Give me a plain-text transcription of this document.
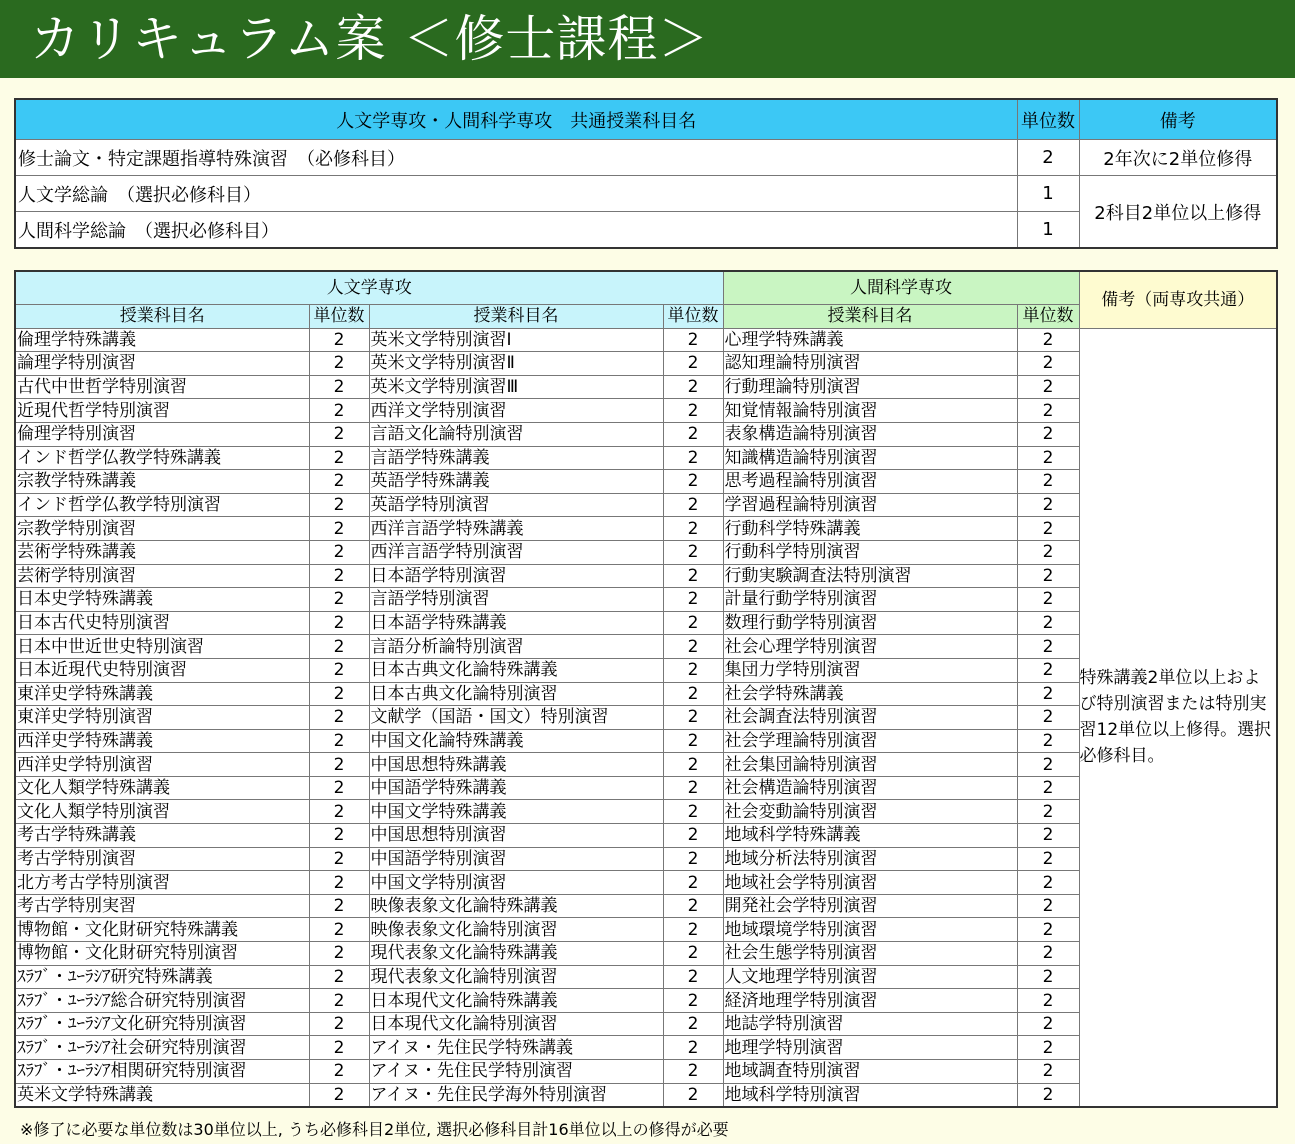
カリキュラム案 ＜修士課程＞
人文学専攻・人間科学専攻　共通授業科目名	単位数	備考
修士論文・特定課題指導特殊演習　（必修科目）	2	2年次に2単位修得
人文学総論　（選択必修科目）	1	2科目2単位以上修得
人間科学総論　（選択必修科目）	1	
人文学専攻				人間科学専攻		備考（両専攻共通）
授業科目名	単位数	授業科目名	単位数	授業科目名	単位数	
倫理学特殊講義	2	英米文学特別演習Ⅰ	2	心理学特殊講義	2	特殊講義2単位以上および特別演習または特別実習12単位以上修得。選択必修科目。
論理学特別演習	2	英米文学特別演習Ⅱ	2	認知理論特別演習	2	
古代中世哲学特別演習	2	英米文学特別演習Ⅲ	2	行動理論特別演習	2	
近現代哲学特別演習	2	西洋文学特別演習	2	知覚情報論特別演習	2	
倫理学特別演習	2	言語文化論特別演習	2	表象構造論特別演習	2	
インド哲学仏教学特殊講義	2	言語学特殊講義	2	知識構造論特別演習	2	
宗教学特殊講義	2	英語学特殊講義	2	思考過程論特別演習	2	
インド哲学仏教学特別演習	2	英語学特別演習	2	学習過程論特別演習	2	
宗教学特別演習	2	西洋言語学特殊講義	2	行動科学特殊講義	2	
芸術学特殊講義	2	西洋言語学特別演習	2	行動科学特別演習	2	
芸術学特別演習	2	日本語学特別演習	2	行動実験調査法特別演習	2	
日本史学特殊講義	2	言語学特別演習	2	計量行動学特別演習	2	
日本古代史特別演習	2	日本語学特殊講義	2	数理行動学特別演習	2	
日本中世近世史特別演習	2	言語分析論特別演習	2	社会心理学特別演習	2	
日本近現代史特別演習	2	日本古典文化論特殊講義	2	集団力学特別演習	2	
東洋史学特殊講義	2	日本古典文化論特別演習	2	社会学特殊講義	2	
東洋史学特別演習	2	文献学（国語・国文）特別演習	2	社会調査法特別演習	2	
西洋史学特殊講義	2	中国文化論特殊講義	2	社会学理論特別演習	2	
西洋史学特別演習	2	中国思想特殊講義	2	社会集団論特別演習	2	
文化人類学特殊講義	2	中国語学特殊講義	2	社会構造論特別演習	2	
文化人類学特別演習	2	中国文学特殊講義	2	社会変動論特別演習	2	
考古学特殊講義	2	中国思想特別演習	2	地域科学特殊講義	2	
考古学特別演習	2	中国語学特別演習	2	地域分析法特別演習	2	
北方考古学特別演習	2	中国文学特別演習	2	地域社会学特別演習	2	
考古学特別実習	2	映像表象文化論特殊講義	2	開発社会学特別演習	2	
博物館・文化財研究特殊講義	2	映像表象文化論特別演習	2	地域環境学特別演習	2	
博物館・文化財研究特別演習	2	現代表象文化論特殊講義	2	社会生態学特別演習	2	
ｽﾗﾌﾞ・ﾕｰﾗｼｱ研究特殊講義	2	現代表象文化論特別演習	2	人文地理学特別演習	2	
ｽﾗﾌﾞ・ﾕｰﾗｼｱ総合研究特別演習	2	日本現代文化論特殊講義	2	経済地理学特別演習	2	
ｽﾗﾌﾞ・ﾕｰﾗｼｱ文化研究特別演習	2	日本現代文化論特別演習	2	地誌学特別演習	2	
ｽﾗﾌﾞ・ﾕｰﾗｼｱ社会研究特別演習	2	アイヌ・先住民学特殊講義	2	地理学特別演習	2	
ｽﾗﾌﾞ・ﾕｰﾗｼｱ相関研究特別演習	2	アイヌ・先住民学特別演習	2	地域調査特別演習	2	
英米文学特殊講義	2	アイヌ・先住民学海外特別演習	2	地域科学特別演習	2	
※修了に必要な単位数は30単位以上, うち必修科目2単位, 選択必修科目計16単位以上の修得が必要
